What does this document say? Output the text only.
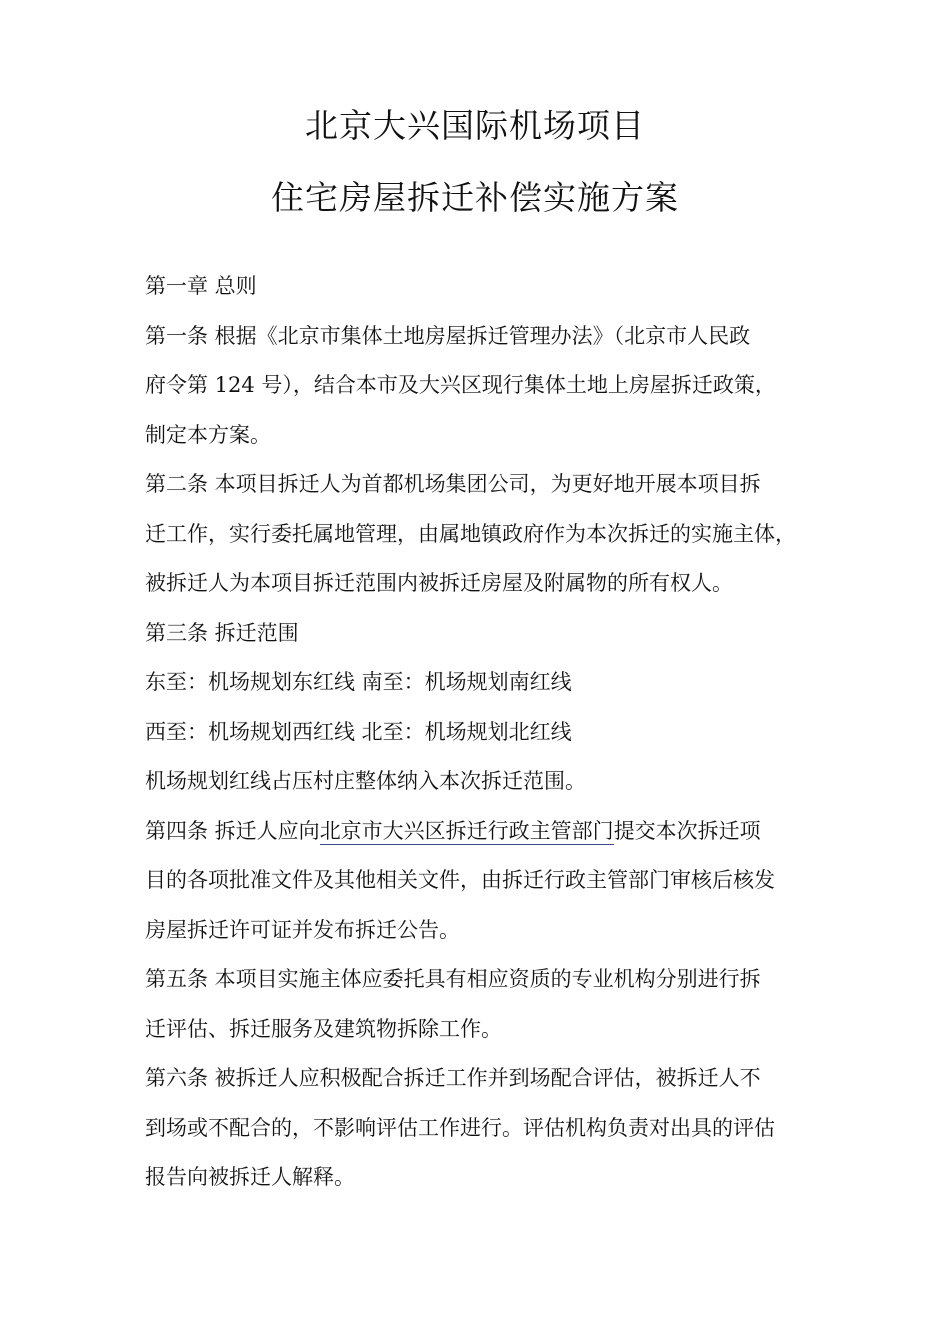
北京大兴国际机场项目
住宅房屋拆迁补偿实施方案
第一章 总则
第一条 根据《北京市集体土地房屋拆迁管理办法》（北京市人民政
府令第 124 号），结合本市及大兴区现行集体土地上房屋拆迁政策，
制定本方案。
第二条 本项目拆迁人为首都机场集团公司，为更好地开展本项目拆
迁工作，实行委托属地管理，由属地镇政府作为本次拆迁的实施主体，
被拆迁人为本项目拆迁范围内被拆迁房屋及附属物的所有权人。
第三条 拆迁范围
东至：机场规划东红线 南至：机场规划南红线
西至：机场规划西红线 北至：机场规划北红线
机场规划红线占压村庄整体纳入本次拆迁范围。
第四条 拆迁人应向北京市大兴区拆迁行政主管部门提交本次拆迁项
目的各项批准文件及其他相关文件，由拆迁行政主管部门审核后核发
房屋拆迁许可证并发布拆迁公告。
第五条 本项目实施主体应委托具有相应资质的专业机构分别进行拆
迁评估、拆迁服务及建筑物拆除工作。
第六条 被拆迁人应积极配合拆迁工作并到场配合评估，被拆迁人不
到场或不配合的，不影响评估工作进行。评估机构负责对出具的评估
报告向被拆迁人解释。
